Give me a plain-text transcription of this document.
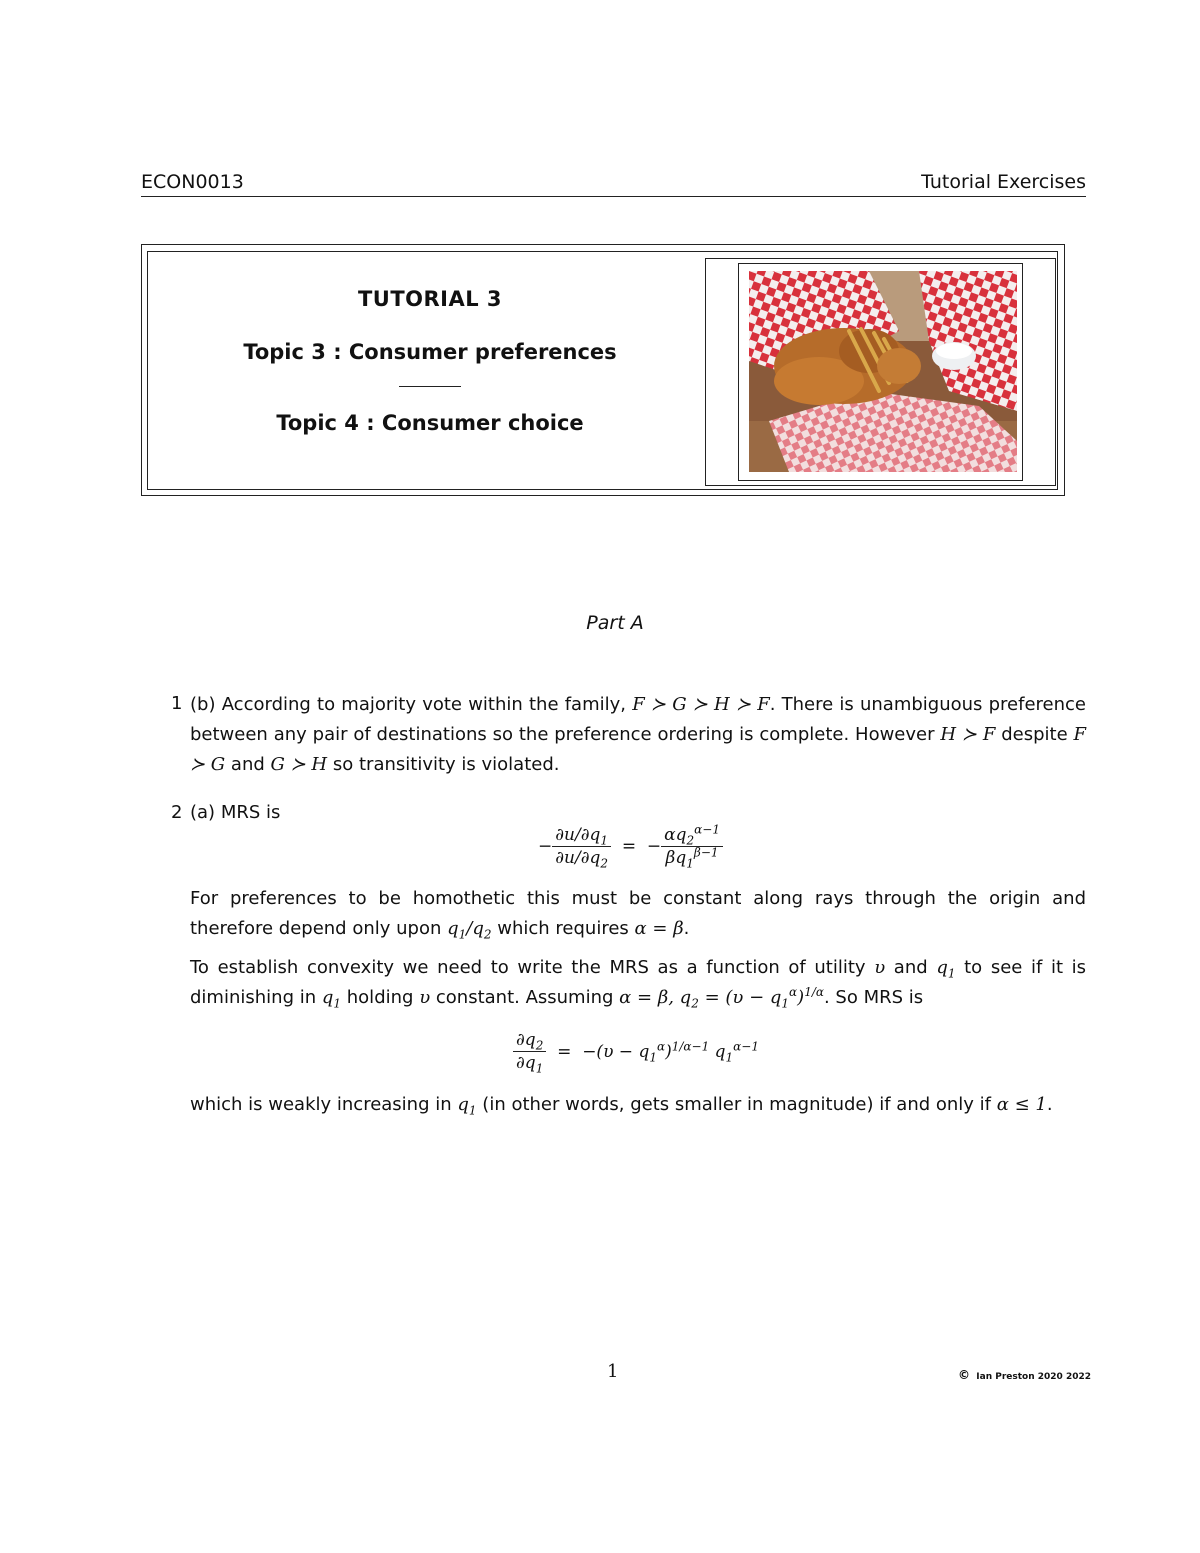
ECON0013	Tutorial Exercises
TUTORIAL 3
Topic 3 : Consumer preferences
Topic 4 : Consumer choice
Part A
1 (b) According to majority vote within the family, F ≻ G ≻ H ≻ F. There is unambiguous preference between any pair of destinations so the preference ordering is complete. However H ≻ F despite F ≻ G and G ≻ H so transitivity is violated.
2 (a) MRS is
− $\frac{\partial u/\partial q_1}{\partial u/\partial q_2}$ =  − $\frac{\alpha q_2^{\alpha-1}}{\beta q_1^{\beta-1}}$
For preferences to be homothetic this must be constant along rays through the origin and therefore depend only upon $q_1/q_2$ which requires α = β.
To establish convexity we need to write the MRS as a function of utility υ and $q_1$ to see if it is diminishing in $q_1$ holding υ constant. Assuming α = β, $q_2 = (\upsilon - q_1^\alpha)^{1/\alpha}$. So MRS is
$\frac{\partial q_2}{\partial q_1} = -(\upsilon - q_1^\alpha)^{1/\alpha-1}$ $q_1^{\alpha-1}$
which is weakly increasing in $q_1$ (in other words, gets smaller in magnitude) if and only if α ≤ 1.
1	© Ian Preston 2020 2022
